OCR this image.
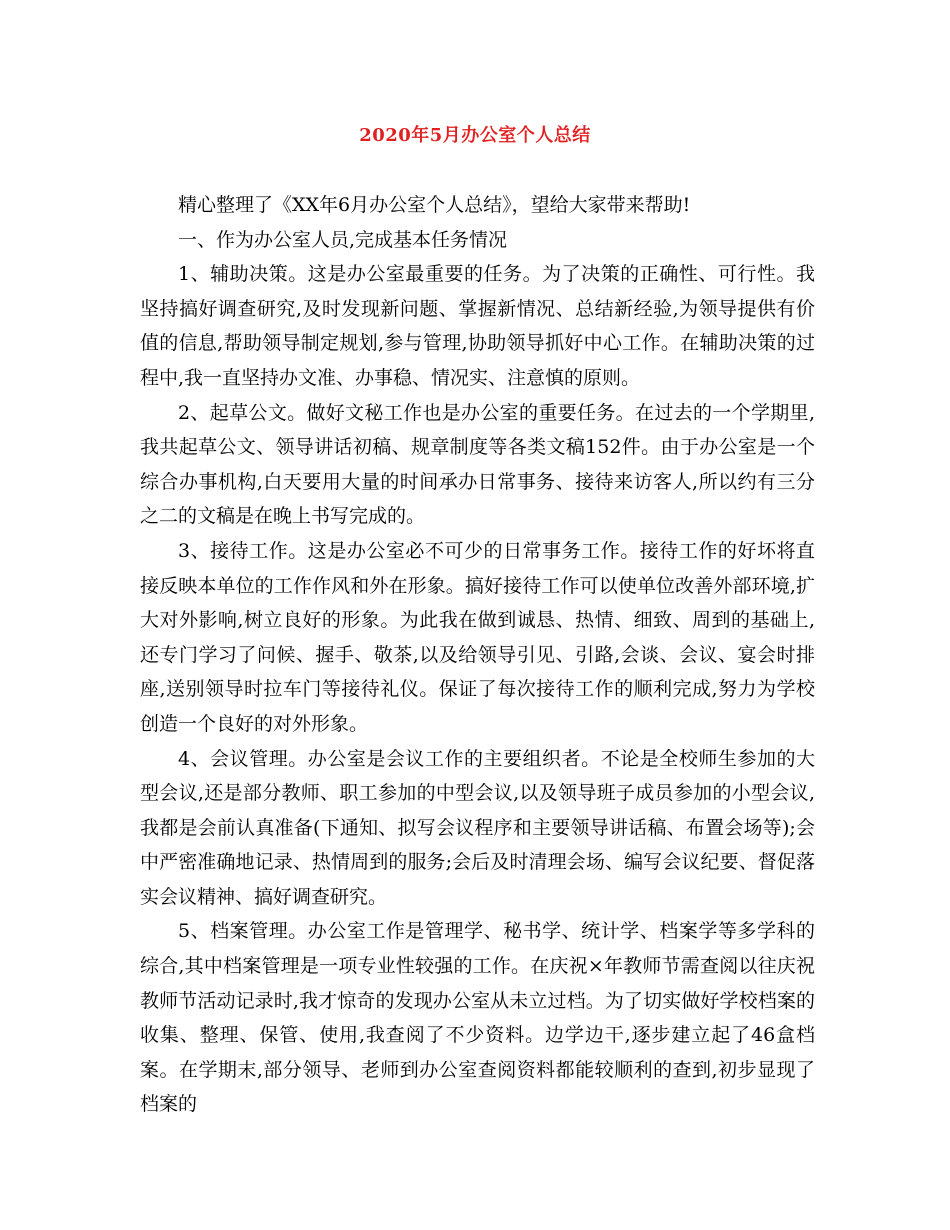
2020年5月办公室个人总结

精心整理了《XX年6月办公室个人总结》，望给大家带来帮助!

一、作为办公室人员,完成基本任务情况

1、辅助决策。这是办公室最重要的任务。为了决策的正确性、可行性。我坚持搞好调查研究,及时发现新问题、掌握新情况、总结新经验,为领导提供有价值的信息,帮助领导制定规划,参与管理,协助领导抓好中心工作。在辅助决策的过程中,我一直坚持办文准、办事稳、情况实、注意慎的原则。

2、起草公文。做好文秘工作也是办公室的重要任务。在过去的一个学期里,我共起草公文、领导讲话初稿、规章制度等各类文稿152件。由于办公室是一个综合办事机构,白天要用大量的时间承办日常事务、接待来访客人,所以约有三分之二的文稿是在晚上书写完成的。

3、接待工作。这是办公室必不可少的日常事务工作。接待工作的好坏将直接反映本单位的工作作风和外在形象。搞好接待工作可以使单位改善外部环境,扩大对外影响,树立良好的形象。为此我在做到诚恳、热情、细致、周到的基础上,还专门学习了问候、握手、敬茶,以及给领导引见、引路,会谈、会议、宴会时排座,送别领导时拉车门等接待礼仪。保证了每次接待工作的顺利完成,努力为学校创造一个良好的对外形象。

4、会议管理。办公室是会议工作的主要组织者。不论是全校师生参加的大型会议,还是部分教师、职工参加的中型会议,以及领导班子成员参加的小型会议,我都是会前认真准备(下通知、拟写会议程序和主要领导讲话稿、布置会场等);会中严密准确地记录、热情周到的服务;会后及时清理会场、编写会议纪要、督促落实会议精神、搞好调查研究。

5、档案管理。办公室工作是管理学、秘书学、统计学、档案学等多学科的综合,其中档案管理是一项专业性较强的工作。在庆祝×年教师节需查阅以往庆祝教师节活动记录时,我才惊奇的发现办公室从未立过档。为了切实做好学校档案的收集、整理、保管、使用,我查阅了不少资料。边学边干,逐步建立起了46盒档案。在学期末,部分领导、老师到办公室查阅资料都能较顺利的查到,初步显现了档案的
